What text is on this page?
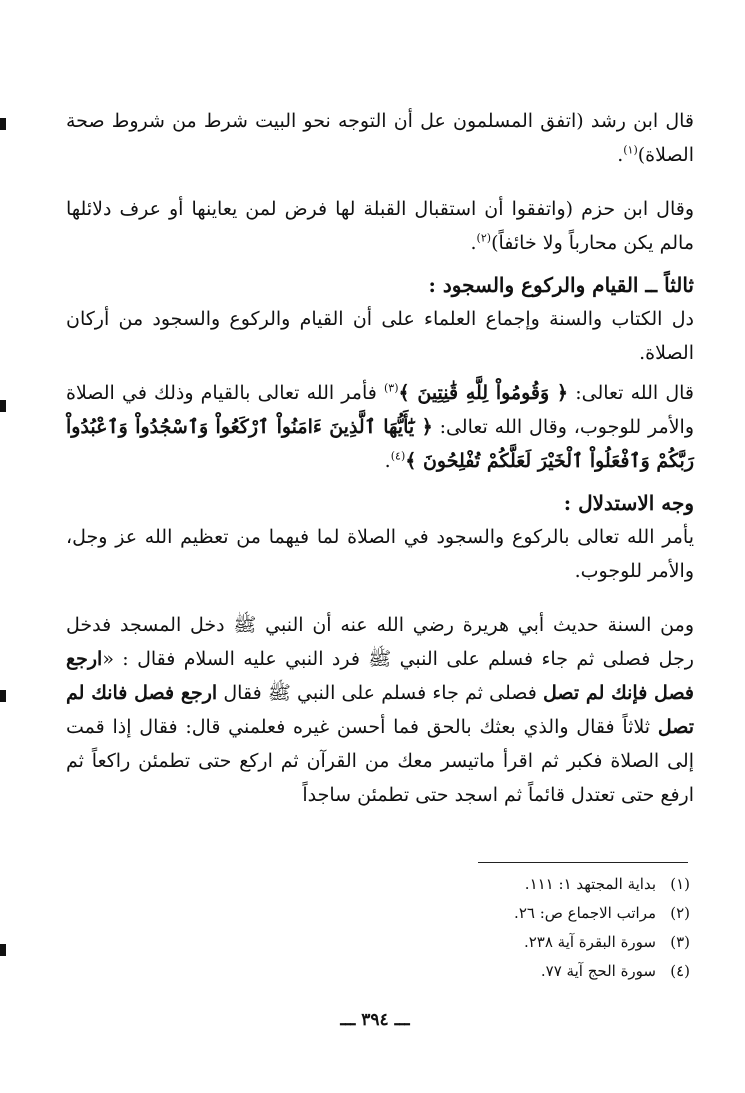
قال ابن رشد (اتفق المسلمون عل أن التوجه نحو البيت شرط من شروط صحة الصلاة)$^{(١)}$.

وقال ابن حزم (واتفقوا أن استقبال القبلة لها فرض لمن يعاينها أو عرف دلائلها مالم يكن محارباً ولا خائفاً)$^{(٢)}$.

ثالثاً ــ القيام والركوع والسجود :

دل الكتاب والسنة وإجماع العلماء على أن القيام والركوع والسجود من أركان الصلاة.

قال الله تعالى: ﴿ وَقُومُواْ لِلَّهِ قَٰنِتِينَ ﴾$^{(٣)}$ فأمر الله تعالى بالقيام وذلك في الصلاة والأمر للوجوب، وقال الله تعالى: ﴿ يَٰٓأَيُّهَا ٱلَّذِينَ ءَامَنُواْ ٱرْكَعُواْ وَٱسْجُدُواْ وَٱعْبُدُواْ رَبَّكُمْ وَٱفْعَلُواْ ٱلْخَيْرَ لَعَلَّكُمْ تُفْلِحُونَ ﴾$^{(٤)}$.

وجه الاستدلال :

يأمر الله تعالى بالركوع والسجود في الصلاة لما فيهما من تعظيم الله عز وجل، والأمر للوجوب.

ومن السنة حديث أبي هريرة رضي الله عنه أن النبي ﷺ دخل المسجد فدخل رجل فصلى ثم جاء فسلم على النبي ﷺ فرد النبي عليه السلام فقال : «ارجع فصل فإنك لم تصل فصلى ثم جاء فسلم على النبي ﷺ فقال ارجع فصل فانك لم تصل ثلاثاً فقال والذي بعثك بالحق فما أحسن غيره فعلمني قال: فقال إذا قمت إلى الصلاة فكبر ثم اقرأ ماتيسر معك من القرآن ثم اركع حتى تطمئن راكعاً ثم ارفع حتى تعتدل قائماً ثم اسجد حتى تطمئن ساجداً

(١)بداية المجتهد ١: ١١١.
(٢)مراتب الاجماع ص: ٢٦.
(٣)سورة البقرة آية ٢٣٨.
(٤)سورة الحج آية ٧٧.
ـــ ٣٩٤ ـــ
